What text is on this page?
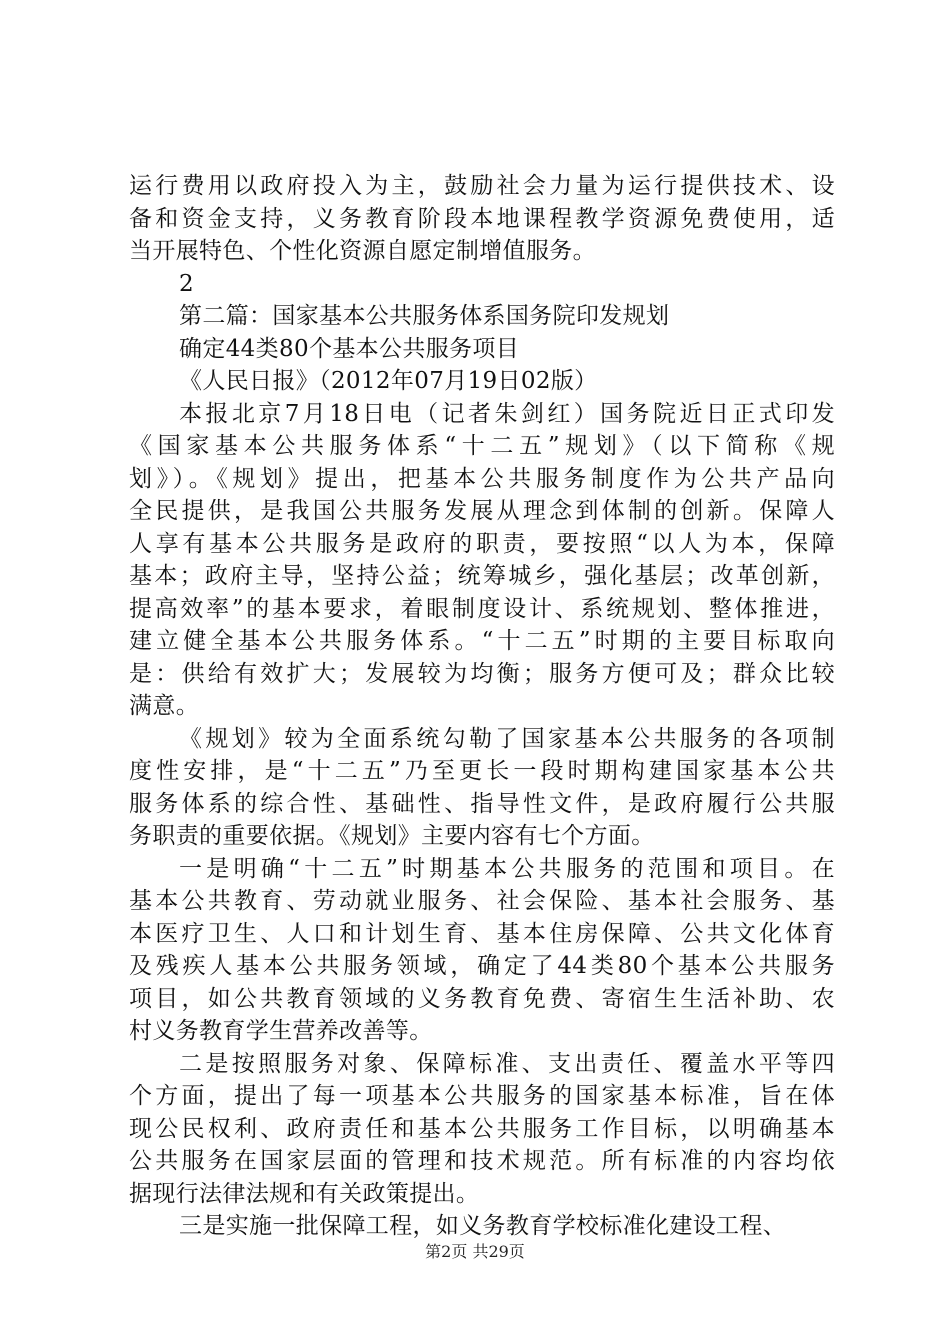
运行费用以政府投入为主，鼓励社会力量为运行提供技术、设
备和资金支持，义务教育阶段本地课程教学资源免费使用，适
当开展特色、个性化资源自愿定制增值服务。
2
第二篇：国家基本公共服务体系国务院印发规划
确定44类80个基本公共服务项目
《人民日报》（2012年07月19日02版）
本报北京7月18日电（记者朱剑红）国务院近日正式印发
《国家基本公共服务体系“十二五”规划》（以下简称《规
划》）。《规划》提出，把基本公共服务制度作为公共产品向
全民提供，是我国公共服务发展从理念到体制的创新。保障人
人享有基本公共服务是政府的职责，要按照“以人为本，保障
基本；政府主导，坚持公益；统筹城乡，强化基层；改革创新，
提高效率”的基本要求，着眼制度设计、系统规划、整体推进，
建立健全基本公共服务体系。“十二五”时期的主要目标取向
是：供给有效扩大；发展较为均衡；服务方便可及；群众比较
满意。
《规划》较为全面系统勾勒了国家基本公共服务的各项制
度性安排，是“十二五”乃至更长一段时期构建国家基本公共
服务体系的综合性、基础性、指导性文件，是政府履行公共服
务职责的重要依据。《规划》主要内容有七个方面。
一是明确“十二五”时期基本公共服务的范围和项目。在
基本公共教育、劳动就业服务、社会保险、基本社会服务、基
本医疗卫生、人口和计划生育、基本住房保障、公共文化体育
及残疾人基本公共服务领域，确定了44类80个基本公共服务
项目，如公共教育领域的义务教育免费、寄宿生生活补助、农
村义务教育学生营养改善等。
二是按照服务对象、保障标准、支出责任、覆盖水平等四
个方面，提出了每一项基本公共服务的国家基本标准，旨在体
现公民权利、政府责任和基本公共服务工作目标，以明确基本
公共服务在国家层面的管理和技术规范。所有标准的内容均依
据现行法律法规和有关政策提出。
三是实施一批保障工程，如义务教育学校标准化建设工程、
第2页 共29页
